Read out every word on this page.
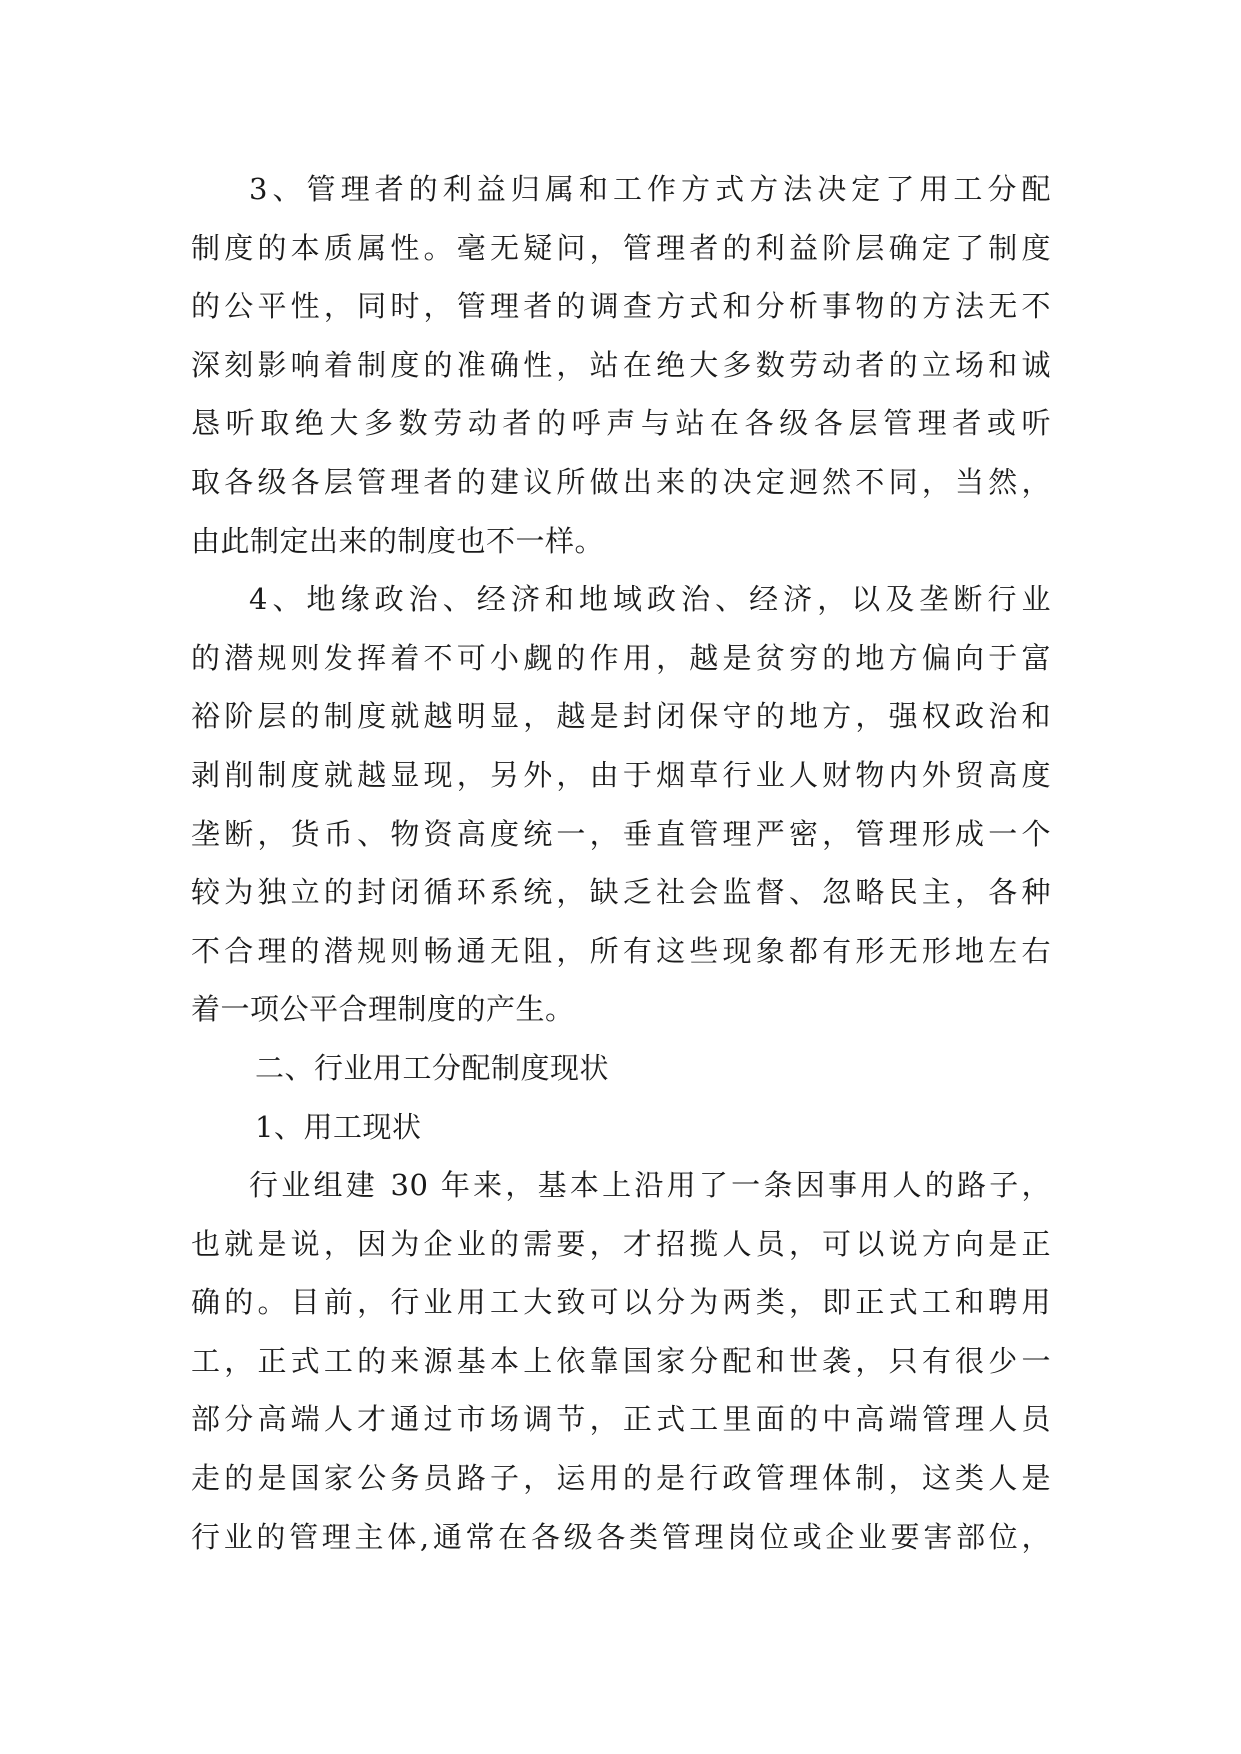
3、管理者的利益归属和工作方式方法决定了用工分配
制度的本质属性。毫无疑问，管理者的利益阶层确定了制度
的公平性，同时，管理者的调查方式和分析事物的方法无不
深刻影响着制度的准确性，站在绝大多数劳动者的立场和诚
恳听取绝大多数劳动者的呼声与站在各级各层管理者或听
取各级各层管理者的建议所做出来的决定迥然不同，当然，
由此制定出来的制度也不一样。
4、地缘政治、经济和地域政治、经济，以及垄断行业
的潜规则发挥着不可小觑的作用，越是贫穷的地方偏向于富
裕阶层的制度就越明显，越是封闭保守的地方，强权政治和
剥削制度就越显现，另外，由于烟草行业人财物内外贸高度
垄断，货币、物资高度统一，垂直管理严密，管理形成一个
较为独立的封闭循环系统，缺乏社会监督、忽略民主，各种
不合理的潜规则畅通无阻，所有这些现象都有形无形地左右
着一项公平合理制度的产生。
二、行业用工分配制度现状
1、用工现状
行业组建 30 年来，基本上沿用了一条因事用人的路子，
也就是说，因为企业的需要，才招揽人员，可以说方向是正
确的。目前，行业用工大致可以分为两类，即正式工和聘用
工，正式工的来源基本上依靠国家分配和世袭，只有很少一
部分高端人才通过市场调节，正式工里面的中高端管理人员
走的是国家公务员路子，运用的是行政管理体制，这类人是
行业的管理主体,通常在各级各类管理岗位或企业要害部位，
